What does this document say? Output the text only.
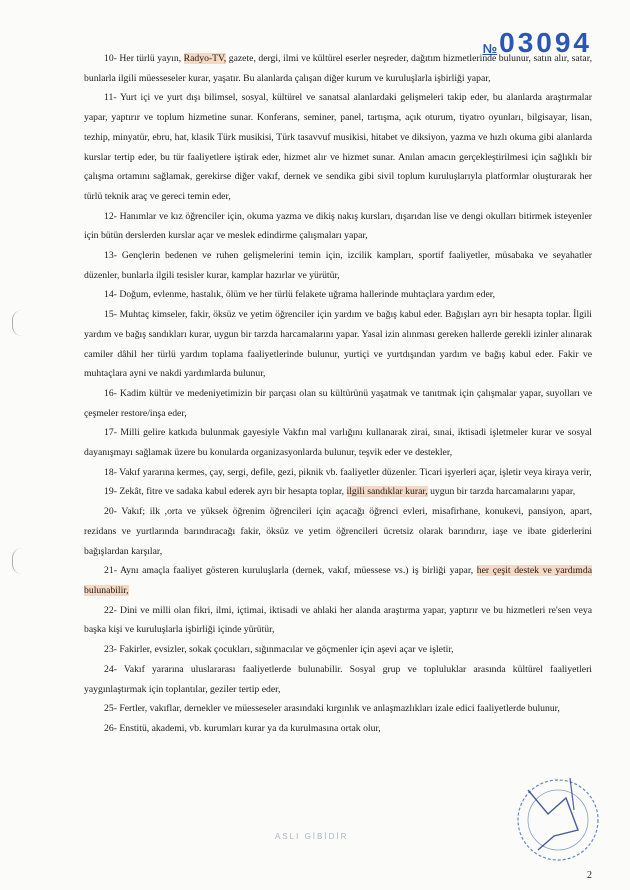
№ 03094

10- Her türlü yayın, Radyo-TV, gazete, dergi, ilmi ve kültürel eserler neşreder, dağıtım hizmetlerinde bulunur, satın alır, satar, bunlarla ilgili müesseseler kurar, yaşatır. Bu alanlarda çalışan diğer kurum ve kuruluşlarla işbirliği yapar,

11- Yurt içi ve yurt dışı bilimsel, sosyal, kültürel ve sanatsal alanlardaki gelişmeleri takip eder, bu alanlarda araştırmalar yapar, yaptırır ve toplum hizmetine sunar. Konferans, seminer, panel, tartışma, açık oturum, tiyatro oyunları, bilgisayar, lisan, tezhip, minyatür, ebru, hat, klasik Türk musikisi, Türk tasavvuf musikisi, hitabet ve diksiyon, yazma ve hızlı okuma gibi alanlarda kurslar tertip eder, bu tür faaliyetlere iştirak eder, hizmet alır ve hizmet sunar. Anılan amacın gerçekleştirilmesi için sağlıklı bir çalışma ortamını sağlamak, gerekirse diğer vakıf, dernek ve sendika gibi sivil toplum kuruluşlarıyla platformlar oluşturarak her türlü teknik araç ve gereci temin eder,

12- Hanımlar ve kız öğrenciler için, okuma yazma ve dikiş nakış kursları, dışarıdan lise ve dengi okulları bitirmek isteyenler için bütün derslerden kurslar açar ve meslek edindirme çalışmaları yapar,

13- Gençlerin bedenen ve ruhen gelişmelerini temin için, izcilik kampları, sportif faaliyetler, müsabaka ve seyahatler düzenler, bunlarla ilgili tesisler kurar, kamplar hazırlar ve yürütür,

14- Doğum, evlenme, hastalık, ölüm ve her türlü felakete uğrama hallerinde muhtaçlara yardım eder,

15- Muhtaç kimseler, fakir, öksüz ve yetim öğrenciler için yardım ve bağış kabul eder. Bağışları ayrı bir hesapta toplar. İlgili yardım ve bağış sandıkları kurar, uygun bir tarzda harcamalarını yapar. Yasal izin alınması gereken hallerde gerekli izinler alınarak camiler dâhil her türlü yardım toplama faaliyetlerinde bulunur, yurtiçi ve yurtdışından yardım ve bağış kabul eder. Fakir ve muhtaçlara ayni ve nakdi yardımlarda bulunur,

16- Kadim kültür ve medeniyetimizin bir parçası olan su kültürünü yaşatmak ve tanıtmak için çalışmalar yapar, suyolları ve çeşmeler restore/inşa eder,

17- Milli gelire katkıda bulunmak gayesiyle Vakfın mal varlığını kullanarak zirai, sınai, iktisadi işletmeler kurar ve sosyal dayanışmayı sağlamak üzere bu konularda organizasyonlarda bulunur, teşvik eder ve destekler,

18- Vakıf yararına kermes, çay, sergi, defile, gezi, piknik vb. faaliyetler düzenler. Ticari işyerleri açar, işletir veya kiraya verir,

19- Zekât, fitre ve sadaka kabul ederek ayrı bir hesapta toplar, ilgili sandıklar kurar, uygun bir tarzda harcamalarını yapar,

20- Vakıf; ilk ,orta ve yüksek öğrenim öğrencileri için açacağı öğrenci evleri, misafirhane, konukevi, pansiyon, apart, rezidans ve yurtlarında barındıracağı fakir, öksüz ve yetim öğrencileri ücretsiz olarak barındırır, iaşe ve ibate giderlerini bağışlardan karşılar,

21- Aynı amaçla faaliyet gösteren kuruluşlarla (dernek, vakıf, müessese vs.) iş birliği yapar, her çeşit destek ve yardımda bulunabilir,

22- Dini ve milli olan fikri, ilmi, içtimai, iktisadi ve ahlaki her alanda araştırma yapar, yaptırır ve bu hizmetleri re'sen veya başka kişi ve kuruluşlarla işbirliği içinde yürütür,

23- Fakirler, evsizler, sokak çocukları, sığınmacılar ve göçmenler için aşevi açar ve işletir,

24- Vakıf yararına uluslararası faaliyetlerde bulunabilir. Sosyal grup ve topluluklar arasında kültürel faaliyetleri yaygınlaştırmak için toplantılar, geziler tertip eder,

25- Fertler, vakıflar, dernekler ve müesseseler arasındaki kırgınlık ve anlaşmazlıkları izale edici faaliyetlerde bulunur,

26- Enstitü, akademi, vb. kurumları kurar ya da kurulmasına ortak olur,

ASLI GİBİDİR
2
